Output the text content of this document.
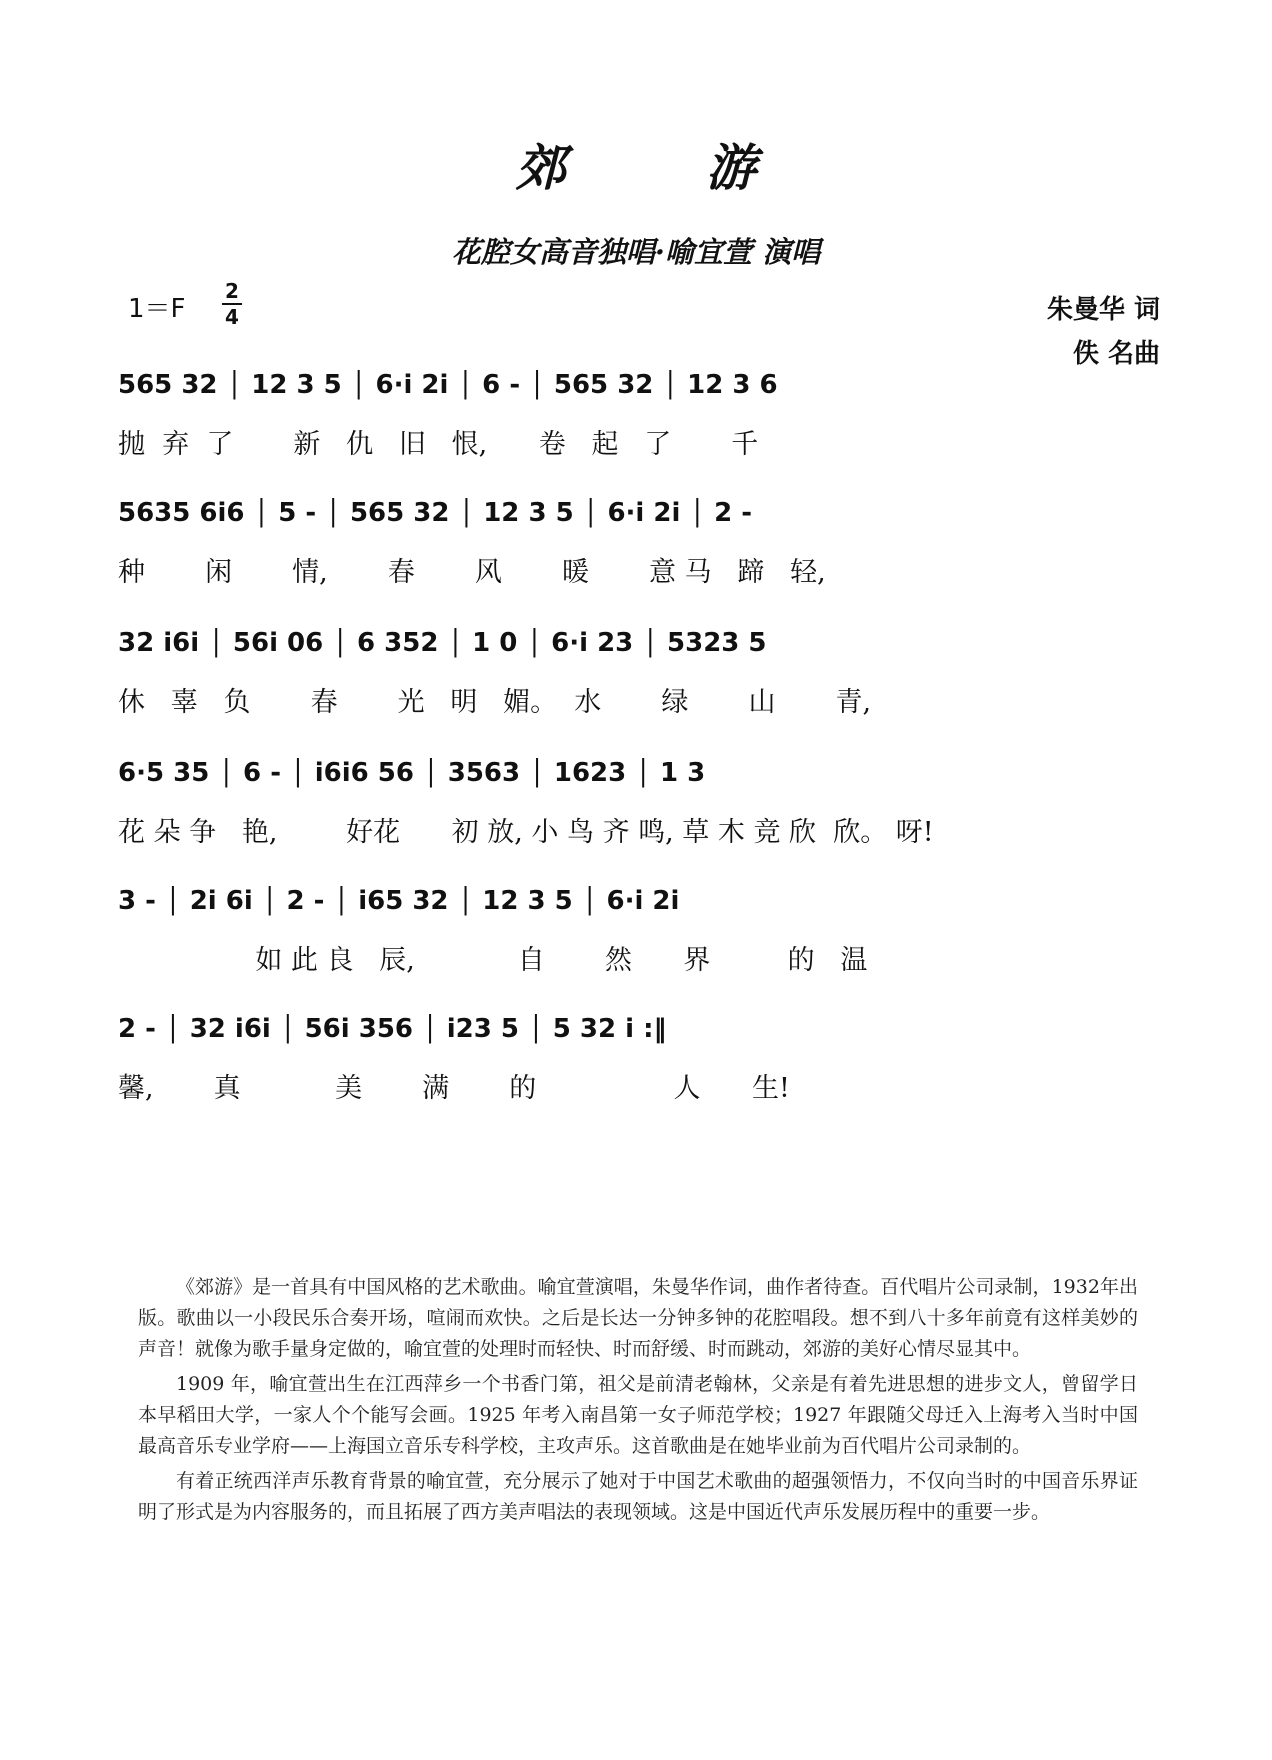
郊	游
花腔女高音独唱·喻宜萱 演唱
1＝F
2
4	朱曼华 词
佚 名曲
565 32 │ 12 3 5 │ 6·i 2i │ 6 - │ 565 32 │ 12 3 6
抛  弃  了       新   仇   旧   恨,      卷   起   了       千
5635 6i6 │ 5 - │ 565 32 │ 12 3 5 │ 6·i 2i │ 2 -
种       闲       情,       春       风       暖       意 马   蹄   轻,
32 i6i │ 56i 06 │ 6 352 │ 1 0 │ 6·i 23 │ 5323 5
休   辜   负       春       光   明   媚。  水       绿       山       青,
6·5 35 │ 6 - │ i6i6 56 │ 3563 │ 1623 │ 1 3
花 朵 争   艳,        好花      初 放, 小 鸟 齐 鸣, 草 木 竞 欣  欣。 呀!
3 - │ 2i 6i │ 2 - │ i65 32 │ 12 3 5 │ 6·i 2i
如 此 良   辰,            自       然      界         的   温
2 - │ 32 i6i │ 56i 356 │ i23 5 │ 5 32 i :‖
馨,       真           美       满       的                人      生!

《郊游》是一首具有中国风格的艺术歌曲。喻宜萱演唱，朱曼华作词，曲作者待查。百代唱片公司录制，1932年出版。歌曲以一小段民乐合奏开场，喧闹而欢快。之后是长达一分钟多钟的花腔唱段。想不到八十多年前竟有这样美妙的声音！就像为歌手量身定做的，喻宜萱的处理时而轻快、时而舒缓、时而跳动，郊游的美好心情尽显其中。

1909 年，喻宜萱出生在江西萍乡一个书香门第，祖父是前清老翰林，父亲是有着先进思想的进步文人，曾留学日本早稻田大学，一家人个个能写会画。1925 年考入南昌第一女子师范学校；1927 年跟随父母迁入上海考入当时中国最高音乐专业学府——上海国立音乐专科学校，主攻声乐。这首歌曲是在她毕业前为百代唱片公司录制的。

有着正统西洋声乐教育背景的喻宜萱，充分展示了她对于中国艺术歌曲的超强领悟力，不仅向当时的中国音乐界证明了形式是为内容服务的，而且拓展了西方美声唱法的表现领域。这是中国近代声乐发展历程中的重要一步。
